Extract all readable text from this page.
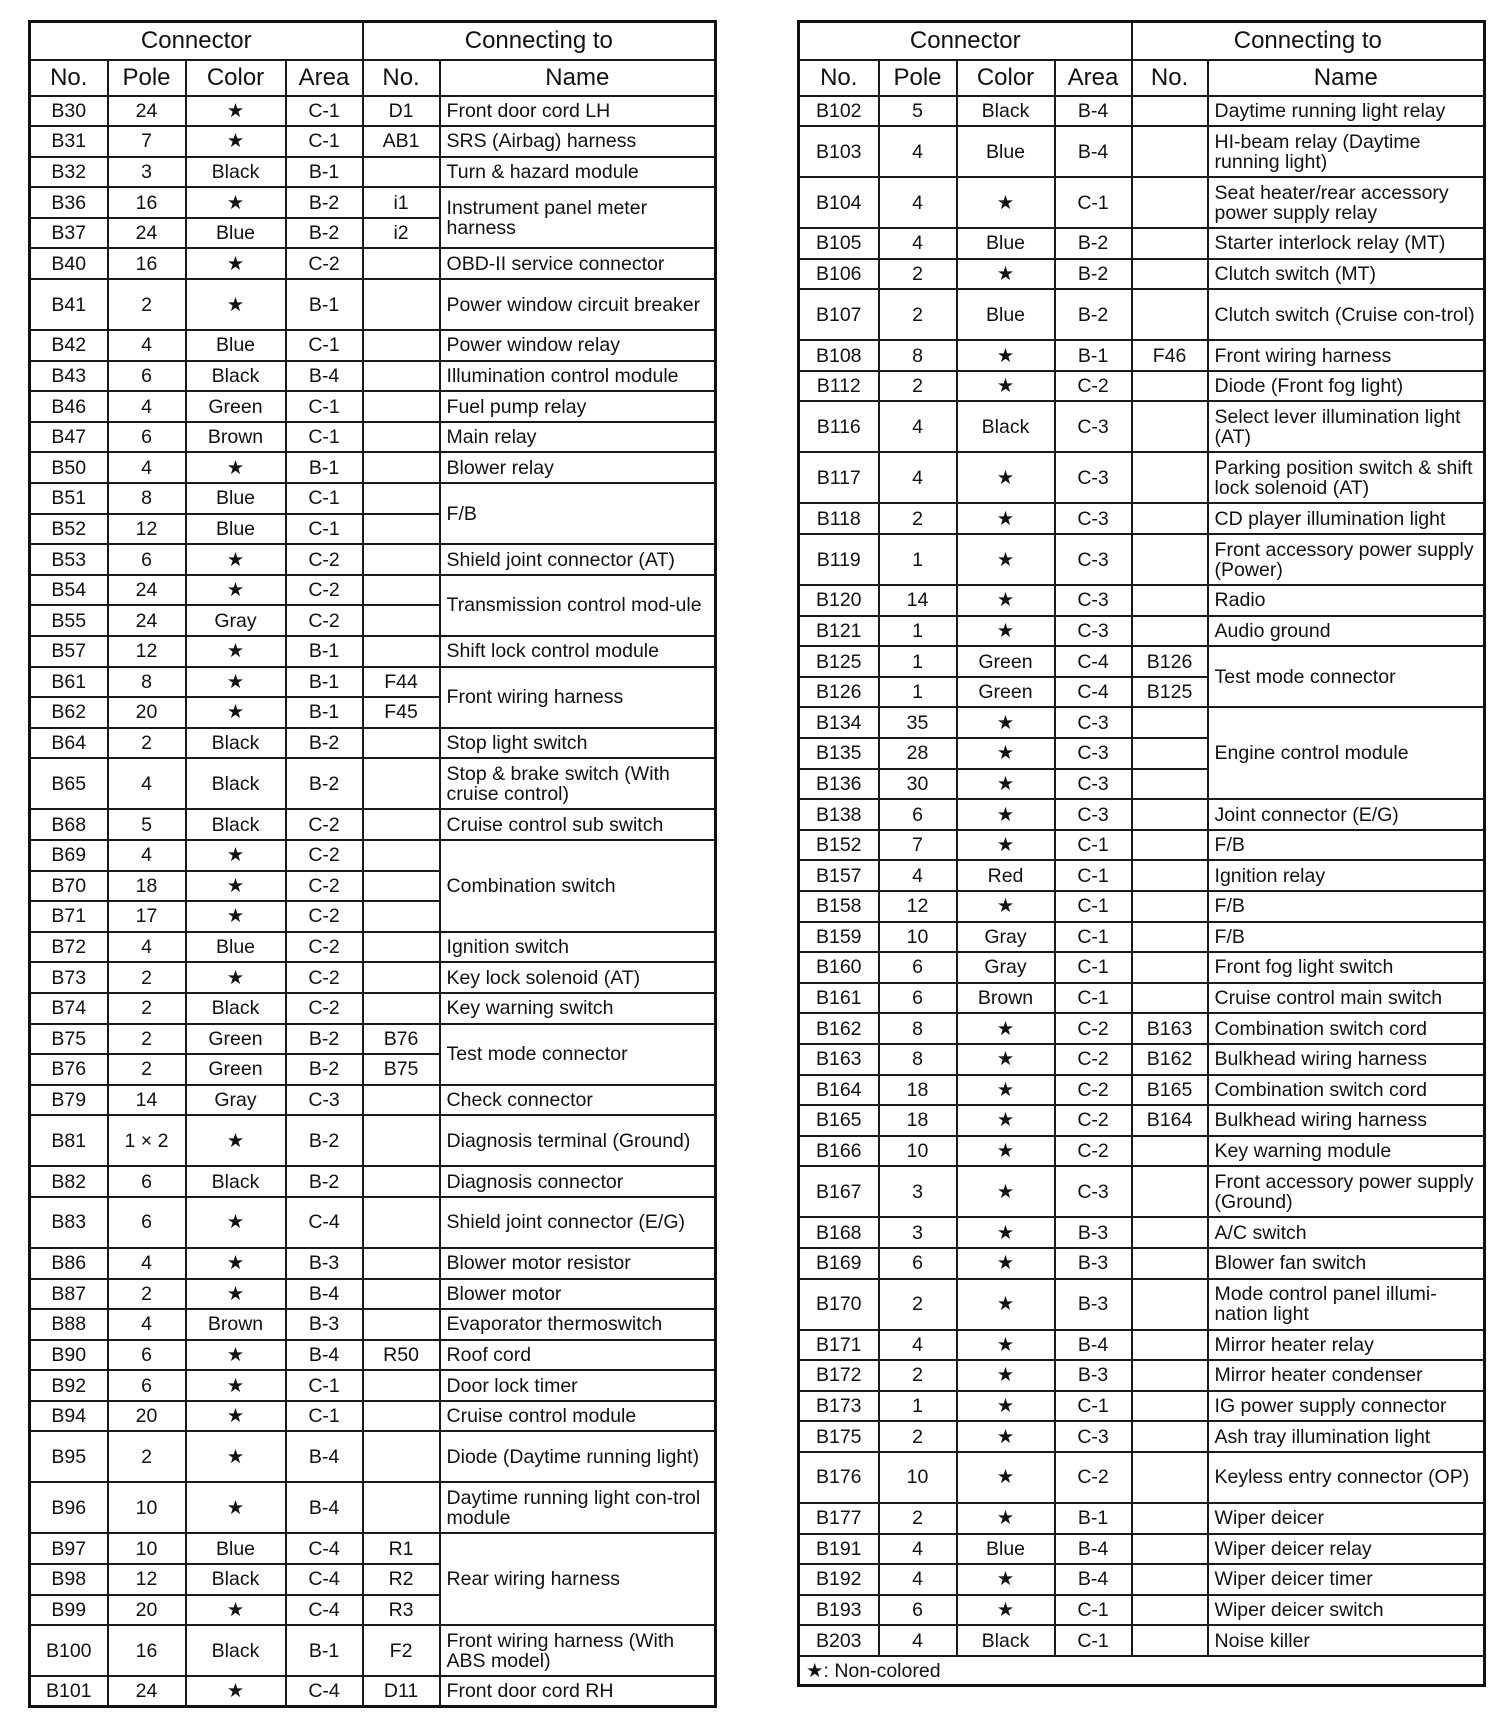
Connector				Connecting to	
No.	Pole	Color	Area	No.	Name
B30	24	★	C-1	D1	Front door cord LH
B31	7	★	C-1	AB1	SRS (Airbag) harness
B32	3	Black	B-1		Turn & hazard module
B36	16	★	B-2	i1	Instrument panel meter harness
B37	24	Blue	B-2	i2	
B40	16	★	C-2		OBD-II service connector
B41	2	★	B-1		Power window circuit breaker
B42	4	Blue	C-1		Power window relay
B43	6	Black	B-4		Illumination control module
B46	4	Green	C-1		Fuel pump relay
B47	6	Brown	C-1		Main relay
B50	4	★	B-1		Blower relay
B51	8	Blue	C-1		F/B
B52	12	Blue	C-1		
B53	6	★	C-2		Shield joint connector (AT)
B54	24	★	C-2		Transmission control mod-ule
B55	24	Gray	C-2		
B57	12	★	B-1		Shift lock control module
B61	8	★	B-1	F44	Front wiring harness
B62	20	★	B-1	F45	
B64	2	Black	B-2		Stop light switch
B65	4	Black	B-2		Stop & brake switch (With cruise control)
B68	5	Black	C-2		Cruise control sub switch
B69	4	★	C-2		Combination switch
B70	18	★	C-2		
B71	17	★	C-2		
B72	4	Blue	C-2		Ignition switch
B73	2	★	C-2		Key lock solenoid (AT)
B74	2	Black	C-2		Key warning switch
B75	2	Green	B-2	B76	Test mode connector
B76	2	Green	B-2	B75	
B79	14	Gray	C-3		Check connector
B81	1 × 2	★	B-2		Diagnosis terminal (Ground)
B82	6	Black	B-2		Diagnosis connector
B83	6	★	C-4		Shield joint connector (E/G)
B86	4	★	B-3		Blower motor resistor
B87	2	★	B-4		Blower motor
B88	4	Brown	B-3		Evaporator thermoswitch
B90	6	★	B-4	R50	Roof cord
B92	6	★	C-1		Door lock timer
B94	20	★	C-1		Cruise control module
B95	2	★	B-4		Diode (Daytime running light)
B96	10	★	B-4		Daytime running light con-trol module
B97	10	Blue	C-4	R1	Rear wiring harness
B98	12	Black	C-4	R2	
B99	20	★	C-4	R3	
B100	16	Black	B-1	F2	Front wiring harness (With ABS model)
B101	24	★	C-4	D11	Front door cord RH
Connector				Connecting to	
No.	Pole	Color	Area	No.	Name
B102	5	Black	B-4		Daytime running light relay
B103	4	Blue	B-4		HI-beam relay (Daytime running light)
B104	4	★	C-1		Seat heater/rear accessory power supply relay
B105	4	Blue	B-2		Starter interlock relay (MT)
B106	2	★	B-2		Clutch switch (MT)
B107	2	Blue	B-2		Clutch switch (Cruise con-trol)
B108	8	★	B-1	F46	Front wiring harness
B112	2	★	C-2		Diode (Front fog light)
B116	4	Black	C-3		Select lever illumination light (AT)
B117	4	★	C-3		Parking position switch & shift lock solenoid (AT)
B118	2	★	C-3		CD player illumination light
B119	1	★	C-3		Front accessory power supply (Power)
B120	14	★	C-3		Radio
B121	1	★	C-3		Audio ground
B125	1	Green	C-4	B126	Test mode connector
B126	1	Green	C-4	B125	
B134	35	★	C-3		Engine control module
B135	28	★	C-3		
B136	30	★	C-3		
B138	6	★	C-3		Joint connector (E/G)
B152	7	★	C-1		F/B
B157	4	Red	C-1		Ignition relay
B158	12	★	C-1		F/B
B159	10	Gray	C-1		F/B
B160	6	Gray	C-1		Front fog light switch
B161	6	Brown	C-1		Cruise control main switch
B162	8	★	C-2	B163	Combination switch cord
B163	8	★	C-2	B162	Bulkhead wiring harness
B164	18	★	C-2	B165	Combination switch cord
B165	18	★	C-2	B164	Bulkhead wiring harness
B166	10	★	C-2		Key warning module
B167	3	★	C-3		Front accessory power supply (Ground)
B168	3	★	B-3		A/C switch
B169	6	★	B-3		Blower fan switch
B170	2	★	B-3		Mode control panel illumi-nation light
B171	4	★	B-4		Mirror heater relay
B172	2	★	B-3		Mirror heater condenser
B173	1	★	C-1		IG power supply connector
B175	2	★	C-3		Ash tray illumination light
B176	10	★	C-2		Keyless entry connector (OP)
B177	2	★	B-1		Wiper deicer
B191	4	Blue	B-4		Wiper deicer relay
B192	4	★	B-4		Wiper deicer timer
B193	6	★	C-1		Wiper deicer switch
B203	4	Black	C-1		Noise killer
★: Non-colored					
